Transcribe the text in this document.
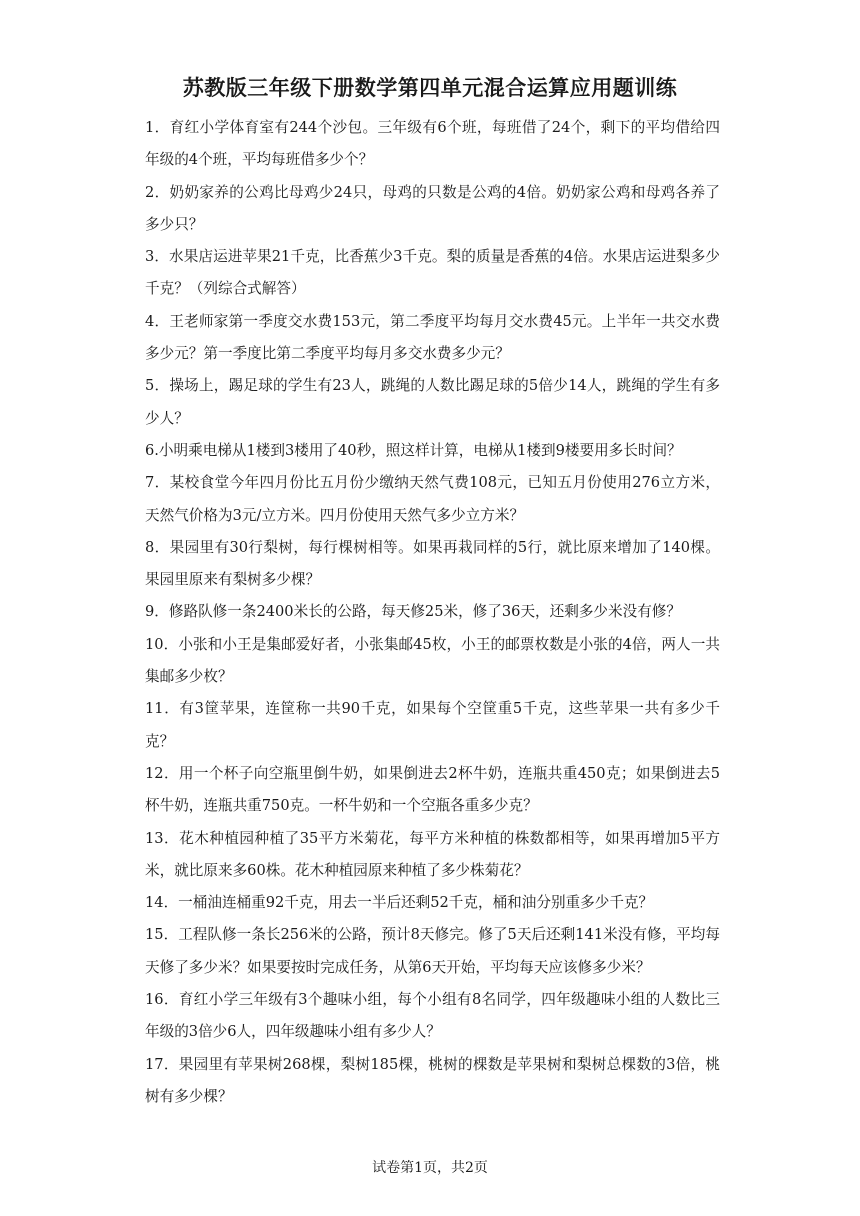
苏教版三年级下册数学第四单元混合运算应用题训练
1．育红小学体育室有244个沙包。三年级有6个班，每班借了24个，剩下的平均借给四年级的4个班，平均每班借多少个？
2．奶奶家养的公鸡比母鸡少24只，母鸡的只数是公鸡的4倍。奶奶家公鸡和母鸡各养了多少只？
3．水果店运进苹果21千克，比香蕉少3千克。梨的质量是香蕉的4倍。水果店运进梨多少千克？（列综合式解答）
4．王老师家第一季度交水费153元，第二季度平均每月交水费45元。上半年一共交水费多少元？第一季度比第二季度平均每月多交水费多少元？
5．操场上，踢足球的学生有23人，跳绳的人数比踢足球的5倍少14人，跳绳的学生有多少人？
6.小明乘电梯从1楼到3楼用了40秒，照这样计算，电梯从1楼到9楼要用多长时间？
7．某校食堂今年四月份比五月份少缴纳天然气费108元，已知五月份使用276立方米，天然气价格为3元/立方米。四月份使用天然气多少立方米？
8．果园里有30行梨树，每行棵树相等。如果再栽同样的5行，就比原来增加了140棵。果园里原来有梨树多少棵？
9．修路队修一条2400米长的公路，每天修25米，修了36天，还剩多少米没有修？
10．小张和小王是集邮爱好者，小张集邮45枚，小王的邮票枚数是小张的4倍，两人一共集邮多少枚？
11．有3筐苹果，连筐称一共90千克，如果每个空筐重5千克，这些苹果一共有多少千克？
12．用一个杯子向空瓶里倒牛奶，如果倒进去2杯牛奶，连瓶共重450克；如果倒进去5杯牛奶，连瓶共重750克。一杯牛奶和一个空瓶各重多少克？
13．花木种植园种植了35平方米菊花，每平方米种植的株数都相等，如果再增加5平方米，就比原来多60株。花木种植园原来种植了多少株菊花？
14．一桶油连桶重92千克，用去一半后还剩52千克，桶和油分别重多少千克？
15．工程队修一条长256米的公路，预计8天修完。修了5天后还剩141米没有修，平均每天修了多少米？如果要按时完成任务，从第6天开始，平均每天应该修多少米？
16．育红小学三年级有3个趣味小组，每个小组有8名同学，四年级趣味小组的人数比三年级的3倍少6人，四年级趣味小组有多少人？
17．果园里有苹果树268棵，梨树185棵，桃树的棵数是苹果树和梨树总棵数的3倍，桃树有多少棵？
试卷第1页，共2页
